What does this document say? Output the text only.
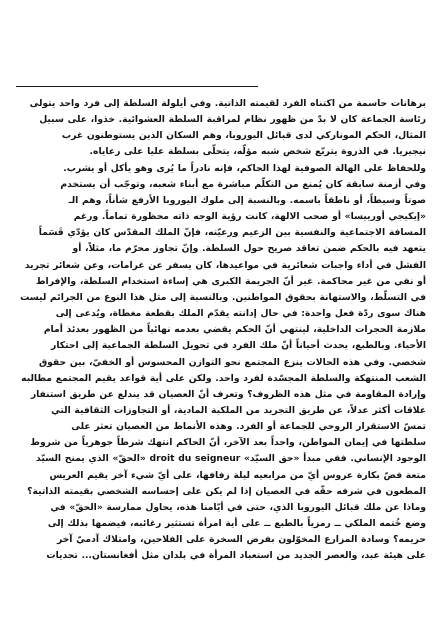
برهانات حاسمة من اكتناه الفرد لقيمته الذاتية. وفي أيلولة السلطة إلى فرد واحد يتولى
رئاسة الجماعة كان لا بدّ من ظهور نظام لمراقبة السلطة العشوائية. خذوا، على سبيل
المثال، الحكم المونارکي لدى قبائل اليوروبا، وهم السكان الذين يستوطنون غرب
نيجيريا. في الذروة يتربّع شخص شبه مؤلّه، يتحلّى بسلطة عليا على رعاياه.
وللحفاظ على الهالة الصوفية لهذا الحاكم، فإنه نادراً ما يُرى وهو يأكل أو يشرب.
وفي أزمنة سابقة كان يُمنع من التكلّم مباشرة مع أبناء شعبه، وتوجّب أن يستخدم
صوتاً وسيطاً، أو ناطقاً باسمه. وبالنسبة إلى ملوك اليوروبا الأرفع شأناً، وهم الـ
«إيكيجي أورييسا» أو صحب الالهة، كانت رؤية الوجه ذاته محظورة تماماً. ورغم
المسافة الاجتماعية والنفسية بين الزعيم ورعيّته، فإنّ الملك المقدّس كان يؤدّي قَسَماً
يتعهد فيه بالحكم ضمن تعاقد صريح حول السلطة. وإنّ تجاوز محرّم ما، مثلاً، أو
الفشل في أداء واجبات شعائرية في مواعيدها، كان يسفر عن غرامات، وعن شعائر تجريد
أو نفي من غير محاكمة. غير أنّ الجريمة الكبرى هي إساءة استخدام السلطة، والإفراط
في التسلّط، والاستهانة بحقوق المواطنين. وبالنسبة إلى مثل هذا النوع من الجرائم ليست
هناك سوى ردّة فعل واحدة: في حال إدانته يقدّم الملك بقطعة مغطاة، ويُدعى إلى
ملازمة الحجرات الداخلية، لينتهي أنّ الحكم يقضي بعدمه نهائياً من الظهور بعدئذ أمام
الأحياء. وبالطبع، يحدث أحياناً أنّ ملك الفرد في تحويل السلطة الجماعية إلى احتكار
شخصي. وفي هذه الحالات ينزع المجتمع نحو التوازن المحسوس أو الخفيّ، بين حقوق
الشعب المنتهكة والسلطة المجسّدة لفرد واحد. ولكن على أية قواعد يقيم المجتمع مطالبه
وإرادة المقاومة في مثل هذه الظروف؟ وتعرف أنّ العصيان قد يندلع عن طريق استنفار
علاقات أكثر عدلاً، عن طريق التجريد من الملكية المادية، أو التجاوزات الثقافية التي
تمسّ الاستقرار الروحي للجماعة أو الفرد. وهذه الأنماط من العصيان تعثر على
سلطتها في إيمان المواطن، واحداً بعد الآخر، أنّ الحاكم انتهك شرطاً جوهرياً من شروط
الوجود الإنساني. ففي مبدأ «حق السيّد» droit du seigneur «الحقّ» الذي يمنح السيّد
متعة فضّ بكارة عروس أيّ من مرابعيه ليلة زفافها، على أيّ شيء آخر يقيم العريس
المطعون في شرفه حقّه في العصيان إذا لم يكن على إحساسه الشخصي بقيمته الذاتية؟
وماذا عن ملك قبائل اليوروبا الذي، حتى في أيّامنا هذه، يحاول ممارسة «الحقّ» في
وضع خُتمه الملكي ــ رمزياً بالطبع ــ على أية امرأة تستثير رغائبه، فيضمها بذلك إلى
حريمه؟ وسادة المزارع المخوّلون بفرض السخرة على الفلاحين، وامتلاك آدميّ آخر
على هيئة عبد، والعصر الجديد من استعباد المرأة في بلدان مثل أفغانستان... تحديات
